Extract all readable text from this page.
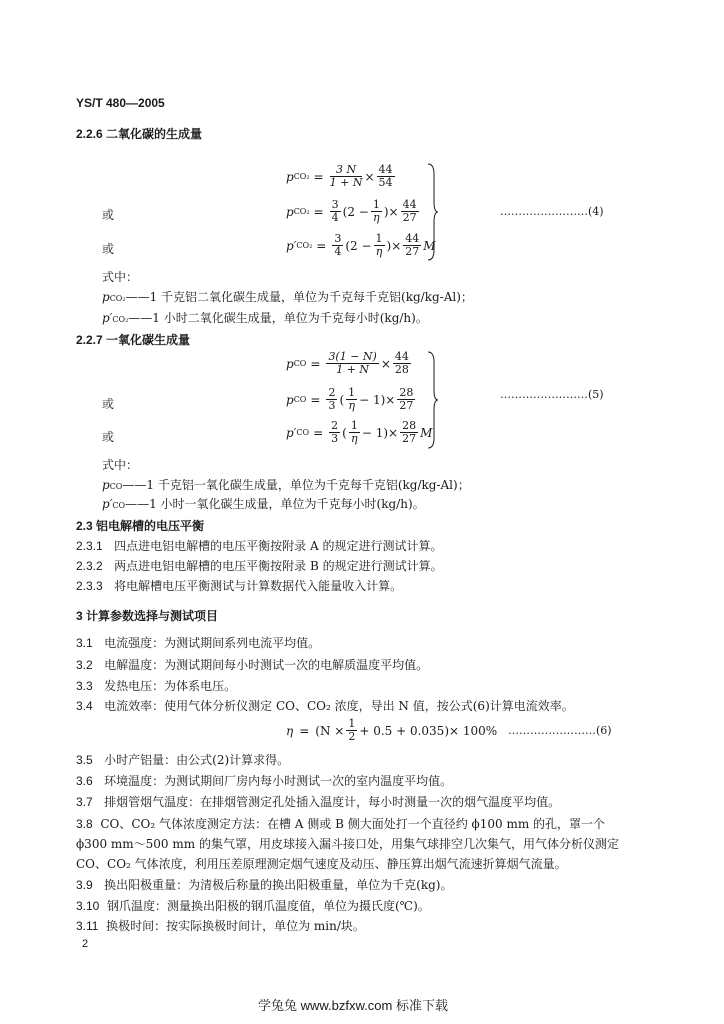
YS/T 480—2005
2.2.6 二氧化碳的生成量
p $CO_2 = \frac{3 N}{1 + N} \times \frac{44}{54}$
或	p $CO_2 = \frac{3}{4} (2 - \frac{1}{\eta}$ )× $\frac{44}{27}$	……………………(4)
或	p′ $CO_2 = \frac{3}{4} (2 - \frac{1}{\eta}$ )× $\frac{44}{27}$ M
式中：
pCO₂——1 千克铝二氧化碳生成量，单位为千克每千克铝(kg/kg-Al)；
p′CO₂——1 小时二氧化碳生成量，单位为千克每小时(kg/h)。
2.2.7 一氧化碳生成量
p CO = $\frac{3(1 - N)}{1 + N} \times \frac{44}{28}$
或	p CO = $\frac{2}{3}$ ( $\frac{1}{\eta} - 1)\times \frac{28}{27}$	……………………(5)
或	p′ CO = $\frac{2}{3}$ ( $\frac{1}{\eta} - 1)\times \frac{28}{27}$ M
式中：
pCO——1 千克铝一氧化碳生成量，单位为千克每千克铝(kg/kg-Al)；
p′CO——1 小时一氧化碳生成量，单位为千克每小时(kg/h)。
2.3 铝电解槽的电压平衡
2.3.1 四点进电铝电解槽的电压平衡按附录 A 的规定进行测试计算。
2.3.2 两点进电铝电解槽的电压平衡按附录 B 的规定进行测试计算。
2.3.3 将电解槽电压平衡测试与计算数据代入能量收入计算。
3 计算参数选择与测试项目
3.1 电流强度：为测试期间系列电流平均值。
3.2 电解温度：为测试期间每小时测试一次的电解质温度平均值。
3.3 发热电压：为体系电压。
3.4 电流效率：使用气体分析仪测定 CO、CO₂ 浓度，导出 N 值，按公式(6)计算电流效率。
$\eta = (N \times \frac{1}{2} + 0.5 + 0.035)\times 100\%$ ……………………(6)
3.5 小时产铝量：由公式(2)计算求得。
3.6 环境温度：为测试期间厂房内每小时测试一次的室内温度平均值。
3.7 排烟管烟气温度：在排烟管测定孔处插入温度计，每小时测量一次的烟气温度平均值。
3.8 CO、CO₂ 气体浓度测定方法：在槽 A 侧或 B 侧大面处打一个直径约 ϕ100 mm 的孔，罩一个
ϕ300 mm～500 mm 的集气罩，用皮球接入漏斗接口处，用集气球排空几次集气，用气体分析仪测定
CO、CO₂ 气体浓度，利用压差原理测定烟气速度及动压、静压算出烟气流速折算烟气流量。
3.9 换出阳极重量：为清极后称量的换出阳极重量，单位为千克(kg)。
3.10 钢爪温度：测量换出阳极的钢爪温度值，单位为摄氏度(℃)。
3.11 换极时间：按实际换极时间计，单位为 min/块。
2
学兔兔 www.bzfxw.com 标准下载
